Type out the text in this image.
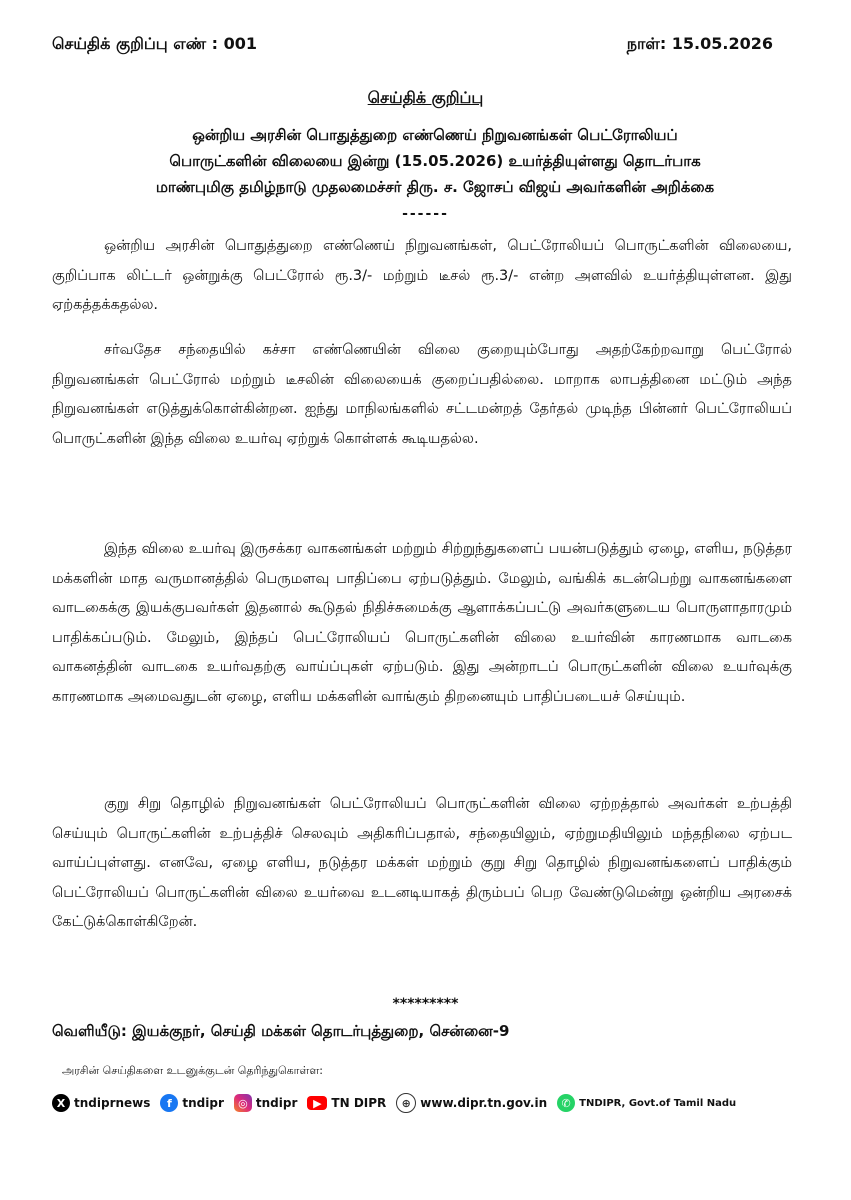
செய்திக் குறிப்பு எண் : 001	நாள்: 15.05.2026
செய்திக் குறிப்பு
ஒன்றிய அரசின் பொதுத்துறை எண்ணெய் நிறுவனங்கள் பெட்ரோலியப்
பொருட்களின் விலையை இன்று (15.05.2026) உயர்த்தியுள்ளது தொடர்பாக
மாண்புமிகு தமிழ்நாடு முதலமைச்சர் திரு. ச. ஜோசப் விஜய் அவர்களின் அறிக்கை
------
ஒன்றிய அரசின் பொதுத்துறை எண்ணெய் நிறுவனங்கள், பெட்ரோலியப் பொருட்களின் விலையை, குறிப்பாக லிட்டர் ஒன்றுக்கு பெட்ரோல் ரூ.3/- மற்றும் டீசல் ரூ.3/- என்ற அளவில் உயர்த்தியுள்ளன. இது ஏற்கத்தக்கதல்ல.
சர்வதேச சந்தையில் கச்சா எண்ணெயின் விலை குறையும்போது அதற்கேற்றவாறு பெட்ரோல் நிறுவனங்கள் பெட்ரோல் மற்றும் டீசலின் விலையைக் குறைப்பதில்லை. மாறாக லாபத்தினை மட்டும் அந்த நிறுவனங்கள் எடுத்துக்கொள்கின்றன. ஐந்து மாநிலங்களில் சட்டமன்றத் தேர்தல் முடிந்த பின்னர் பெட்ரோலியப் பொருட்களின் இந்த விலை உயர்வு ஏற்றுக் கொள்ளக் கூடியதல்ல.
இந்த விலை உயர்வு இருசக்கர வாகனங்கள் மற்றும் சிற்றுந்துகளைப் பயன்படுத்தும் ஏழை, எளிய, நடுத்தர மக்களின் மாத வருமானத்தில் பெருமளவு பாதிப்பை ஏற்படுத்தும். மேலும், வங்கிக் கடன்பெற்று வாகனங்களை வாடகைக்கு இயக்குபவர்கள் இதனால் கூடுதல் நிதிச்சுமைக்கு ஆளாக்கப்பட்டு அவர்களுடைய பொருளாதாரமும் பாதிக்கப்படும். மேலும், இந்தப் பெட்ரோலியப் பொருட்களின் விலை உயர்வின் காரணமாக வாடகை வாகனத்தின் வாடகை உயர்வதற்கு வாய்ப்புகள் ஏற்படும். இது அன்றாடப் பொருட்களின் விலை உயர்வுக்கு காரணமாக அமைவதுடன் ஏழை, எளிய மக்களின் வாங்கும் திறனையும் பாதிப்படையச் செய்யும்.
குறு சிறு தொழில் நிறுவனங்கள் பெட்ரோலியப் பொருட்களின் விலை ஏற்றத்தால் அவர்கள் உற்பத்தி செய்யும் பொருட்களின் உற்பத்திச் செலவும் அதிகரிப்பதால், சந்தையிலும், ஏற்றுமதியிலும் மந்தநிலை ஏற்பட வாய்ப்புள்ளது. எனவே, ஏழை எளிய, நடுத்தர மக்கள் மற்றும் குறு சிறு தொழில் நிறுவனங்களைப் பாதிக்கும் பெட்ரோலியப் பொருட்களின் விலை உயர்வை உடனடியாகத் திரும்பப் பெற வேண்டுமென்று ஒன்றிய அரசைக் கேட்டுக்கொள்கிறேன்.
*********
வெளியீடு: இயக்குநர், செய்தி மக்கள் தொடர்புத்துறை, சென்னை-9
அரசின் செய்திகளை உடனுக்குடன் தெரிந்துகொள்ள:
X tndiprnews	f tndipr	◎ tndipr	▶ TN DIPR	⊕ www.dipr.tn.gov.in	✆ TNDIPR, Govt.of Tamil Nadu
